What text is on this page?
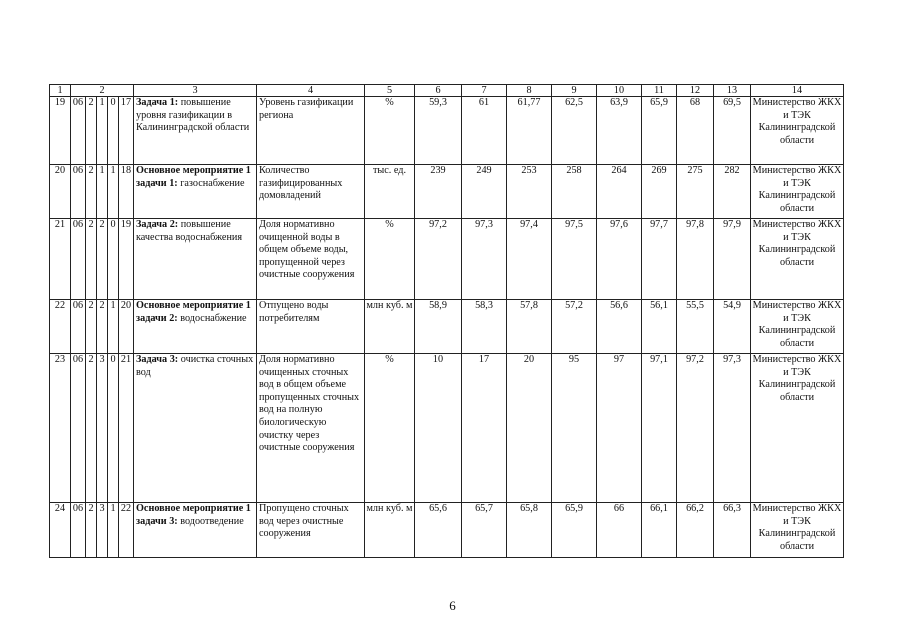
1	2					3	4	5	6	7	8	9	10	11	12	13	14
19	06	2	1	0	17	Задача 1: повышение уровня газификации в Калининградской области	Уровень газификации региона	%	59,3	61	61,77	62,5	63,9	65,9	68	69,5	Министерство ЖКХ и ТЭК Калининградской области
20	06	2	1	1	18	Основное мероприятие 1 задачи 1: газоснабжение	Количество газифицированных домовладений	тыс. ед.	239	249	253	258	264	269	275	282	Министерство ЖКХ и ТЭК Калининградской области
21	06	2	2	0	19	Задача 2: повышение качества водоснабжения	Доля нормативно очищенной воды в общем объеме воды, пропущенной через очистные сооружения	%	97,2	97,3	97,4	97,5	97,6	97,7	97,8	97,9	Министерство ЖКХ и ТЭК Калининградской области
22	06	2	2	1	20	Основное мероприятие 1 задачи 2: водоснабжение	Отпущено воды потребителям	млн куб. м	58,9	58,3	57,8	57,2	56,6	56,1	55,5	54,9	Министерство ЖКХ и ТЭК Калининградской области
23	06	2	3	0	21	Задача 3: очистка сточных вод	Доля нормативно очищенных сточных вод в общем объеме пропущенных сточных вод на полную биологическую очистку через очистные сооружения	%	10	17	20	95	97	97,1	97,2	97,3	Министерство ЖКХ и ТЭК Калининградской области
24	06	2	3	1	22	Основное мероприятие 1 задачи 3: водоотведение	Пропущено сточных вод через очистные сооружения	млн куб. м	65,6	65,7	65,8	65,9	66	66,1	66,2	66,3	Министерство ЖКХ и ТЭК Калининградской области
6
